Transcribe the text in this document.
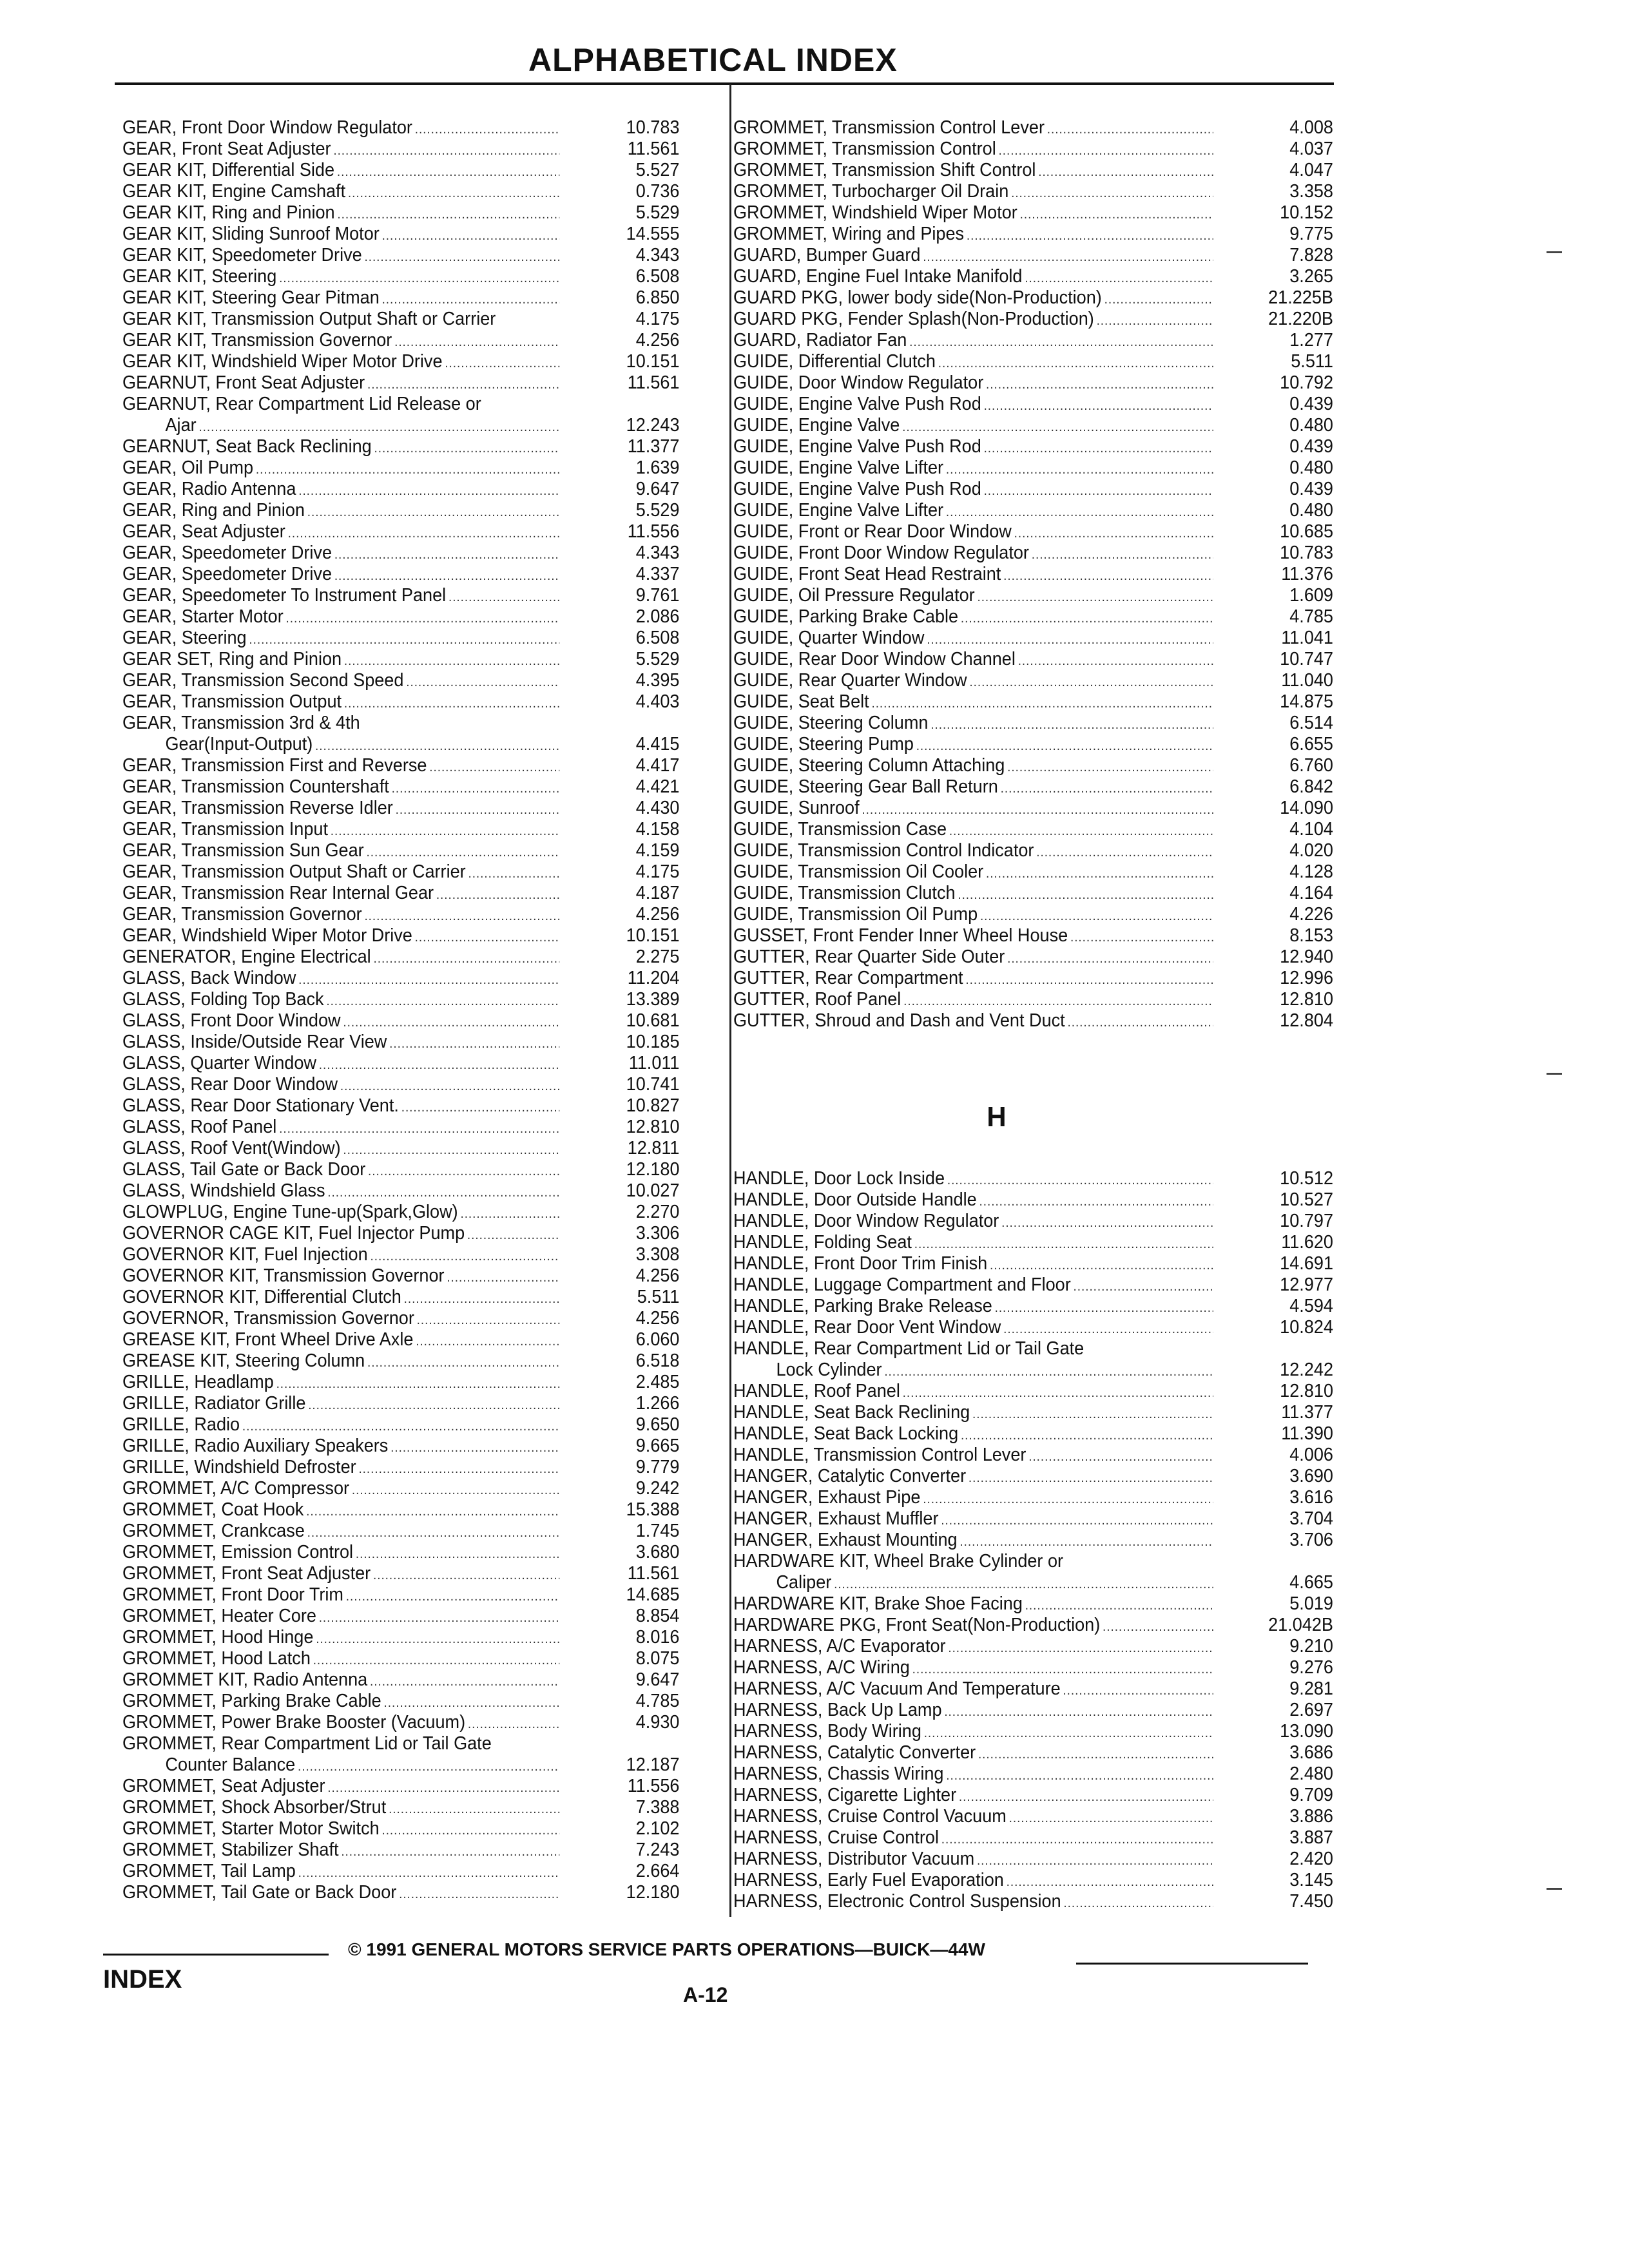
ALPHABETICAL INDEX
GEAR, Front Door Window Regulator .....	10.783
GEAR, Front Seat Adjuster .....	11.561
GEAR KIT, Differential Side .....	5.527
GEAR KIT, Engine Camshaft .....	0.736
GEAR KIT, Ring and Pinion .....	5.529
GEAR KIT, Sliding Sunroof Motor .....	14.555
GEAR KIT, Speedometer Drive .....	4.343
GEAR KIT, Steering .....	6.508
GEAR KIT, Steering Gear Pitman .....	6.850
GEAR KIT, Transmission Output Shaft or Carrier	4.175
GEAR KIT, Transmission Governor .....	4.256
GEAR KIT, Windshield Wiper Motor Drive .....	10.151
GEARNUT, Front Seat Adjuster .....	11.561
GEARNUT, Rear Compartment Lid Release or
Ajar .....	12.243
GEARNUT, Seat Back Reclining .....	11.377
GEAR, Oil Pump .....	1.639
GEAR, Radio Antenna .....	9.647
GEAR, Ring and Pinion .....	5.529
GEAR, Seat Adjuster .....	11.556
GEAR, Speedometer Drive .....	4.343
GEAR, Speedometer Drive .....	4.337
GEAR, Speedometer To Instrument Panel .....	9.761
GEAR, Starter Motor .....	2.086
GEAR, Steering .....	6.508
GEAR SET, Ring and Pinion .....	5.529
GEAR, Transmission Second Speed .....	4.395
GEAR, Transmission Output .....	4.403
GEAR, Transmission 3rd & 4th
Gear(Input-Output) .....	4.415
GEAR, Transmission First and Reverse .....	4.417
GEAR, Transmission Countershaft .....	4.421
GEAR, Transmission Reverse Idler .....	4.430
GEAR, Transmission Input .....	4.158
GEAR, Transmission Sun Gear .....	4.159
GEAR, Transmission Output Shaft or Carrier .....	4.175
GEAR, Transmission Rear Internal Gear .....	4.187
GEAR, Transmission Governor .....	4.256
GEAR, Windshield Wiper Motor Drive .....	10.151
GENERATOR, Engine Electrical .....	2.275
GLASS, Back Window .....	11.204
GLASS, Folding Top Back .....	13.389
GLASS, Front Door Window .....	10.681
GLASS, Inside/Outside Rear View .....	10.185
GLASS, Quarter Window .....	11.011
GLASS, Rear Door Window .....	10.741
GLASS, Rear Door Stationary Vent. .....	10.827
GLASS, Roof Panel .....	12.810
GLASS, Roof Vent(Window) .....	12.811
GLASS, Tail Gate or Back Door .....	12.180
GLASS, Windshield Glass .....	10.027
GLOWPLUG, Engine Tune-up(Spark,Glow) .....	2.270
GOVERNOR CAGE KIT, Fuel Injector Pump .....	3.306
GOVERNOR KIT, Fuel Injection .....	3.308
GOVERNOR KIT, Transmission Governor .....	4.256
GOVERNOR KIT, Differential Clutch .....	5.511
GOVERNOR, Transmission Governor .....	4.256
GREASE KIT, Front Wheel Drive Axle .....	6.060
GREASE KIT, Steering Column .....	6.518
GRILLE, Headlamp .....	2.485
GRILLE, Radiator Grille .....	1.266
GRILLE, Radio .....	9.650
GRILLE, Radio Auxiliary Speakers .....	9.665
GRILLE, Windshield Defroster .....	9.779
GROMMET, A/C Compressor .....	9.242
GROMMET, Coat Hook .....	15.388
GROMMET, Crankcase .....	1.745
GROMMET, Emission Control .....	3.680
GROMMET, Front Seat Adjuster .....	11.561
GROMMET, Front Door Trim .....	14.685
GROMMET, Heater Core .....	8.854
GROMMET, Hood Hinge .....	8.016
GROMMET, Hood Latch .....	8.075
GROMMET KIT, Radio Antenna .....	9.647
GROMMET, Parking Brake Cable .....	4.785
GROMMET, Power Brake Booster (Vacuum) .....	4.930
GROMMET, Rear Compartment Lid or Tail Gate
Counter Balance .....	12.187
GROMMET, Seat Adjuster .....	11.556
GROMMET, Shock Absorber/Strut .....	7.388
GROMMET, Starter Motor Switch .....	2.102
GROMMET, Stabilizer Shaft .....	7.243
GROMMET, Tail Lamp .....	2.664
GROMMET, Tail Gate or Back Door .....	12.180
GROMMET, Transmission Control Lever .....	4.008
GROMMET, Transmission Control .....	4.037
GROMMET, Transmission Shift Control .....	4.047
GROMMET, Turbocharger Oil Drain .....	3.358
GROMMET, Windshield Wiper Motor .....	10.152
GROMMET, Wiring and Pipes .....	9.775
GUARD, Bumper Guard .....	7.828
GUARD, Engine Fuel Intake Manifold .....	3.265
GUARD PKG, lower body side(Non-Production) .....	21.225B
GUARD PKG, Fender Splash(Non-Production) .....	21.220B
GUARD, Radiator Fan .....	1.277
GUIDE, Differential Clutch .....	5.511
GUIDE, Door Window Regulator .....	10.792
GUIDE, Engine Valve Push Rod .....	0.439
GUIDE, Engine Valve .....	0.480
GUIDE, Engine Valve Push Rod .....	0.439
GUIDE, Engine Valve Lifter .....	0.480
GUIDE, Engine Valve Push Rod .....	0.439
GUIDE, Engine Valve Lifter .....	0.480
GUIDE, Front or Rear Door Window .....	10.685
GUIDE, Front Door Window Regulator .....	10.783
GUIDE, Front Seat Head Restraint .....	11.376
GUIDE, Oil Pressure Regulator .....	1.609
GUIDE, Parking Brake Cable .....	4.785
GUIDE, Quarter Window .....	11.041
GUIDE, Rear Door Window Channel .....	10.747
GUIDE, Rear Quarter Window .....	11.040
GUIDE, Seat Belt .....	14.875
GUIDE, Steering Column .....	6.514
GUIDE, Steering Pump .....	6.655
GUIDE, Steering Column Attaching .....	6.760
GUIDE, Steering Gear Ball Return .....	6.842
GUIDE, Sunroof .....	14.090
GUIDE, Transmission Case .....	4.104
GUIDE, Transmission Control Indicator .....	4.020
GUIDE, Transmission Oil Cooler .....	4.128
GUIDE, Transmission Clutch .....	4.164
GUIDE, Transmission Oil Pump .....	4.226
GUSSET, Front Fender Inner Wheel House .....	8.153
GUTTER, Rear Quarter Side Outer .....	12.940
GUTTER, Rear Compartment .....	12.996
GUTTER, Roof Panel .....	12.810
GUTTER, Shroud and Dash and Vent Duct .....	12.804
H
HANDLE, Door Lock Inside .....	10.512
HANDLE, Door Outside Handle .....	10.527
HANDLE, Door Window Regulator .....	10.797
HANDLE, Folding Seat .....	11.620
HANDLE, Front Door Trim Finish .....	14.691
HANDLE, Luggage Compartment and Floor .....	12.977
HANDLE, Parking Brake Release .....	4.594
HANDLE, Rear Door Vent Window .....	10.824
HANDLE, Rear Compartment Lid or Tail Gate
Lock Cylinder .....	12.242
HANDLE, Roof Panel .....	12.810
HANDLE, Seat Back Reclining .....	11.377
HANDLE, Seat Back Locking .....	11.390
HANDLE, Transmission Control Lever .....	4.006
HANGER, Catalytic Converter .....	3.690
HANGER, Exhaust Pipe .....	3.616
HANGER, Exhaust Muffler .....	3.704
HANGER, Exhaust Mounting .....	3.706
HARDWARE KIT, Wheel Brake Cylinder or
Caliper .....	4.665
HARDWARE KIT, Brake Shoe Facing .....	5.019
HARDWARE PKG, Front Seat(Non-Production) .....	21.042B
HARNESS, A/C Evaporator .....	9.210
HARNESS, A/C Wiring .....	9.276
HARNESS, A/C Vacuum And Temperature .....	9.281
HARNESS, Back Up Lamp .....	2.697
HARNESS, Body Wiring .....	13.090
HARNESS, Catalytic Converter .....	3.686
HARNESS, Chassis Wiring .....	2.480
HARNESS, Cigarette Lighter .....	9.709
HARNESS, Cruise Control Vacuum .....	3.886
HARNESS, Cruise Control .....	3.887
HARNESS, Distributor Vacuum .....	2.420
HARNESS, Early Fuel Evaporation .....	3.145
HARNESS, Electronic Control Suspension .....	7.450
© 1991 GENERAL MOTORS SERVICE PARTS OPERATIONS—BUICK—44W
INDEX
A-12
